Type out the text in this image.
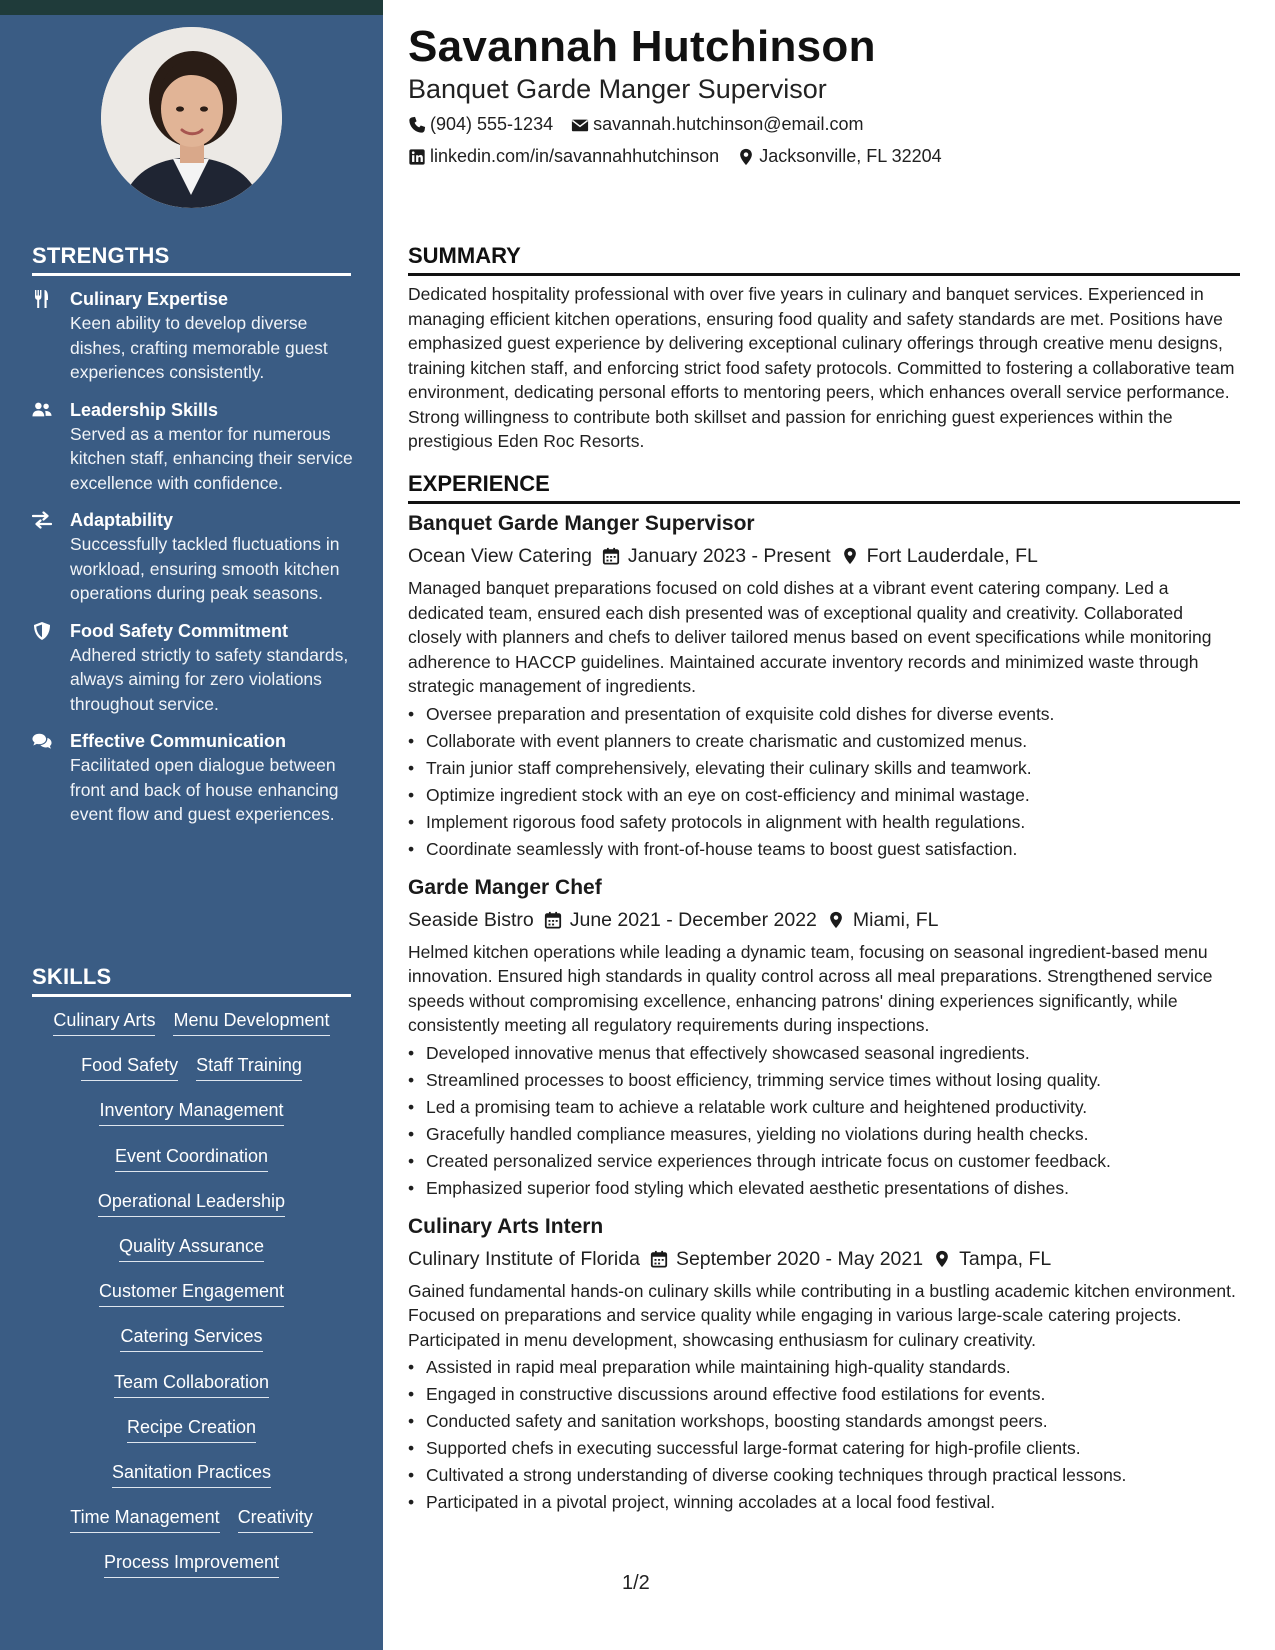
STRENGTHS
Culinary Expertise
Keen ability to develop diverse dishes, crafting memorable guest experiences consistently.
Leadership Skills
Served as a mentor for numerous kitchen staff, enhancing their service excellence with confidence.
Adaptability
Successfully tackled fluctuations in workload, ensuring smooth kitchen operations during peak seasons.
Food Safety Commitment
Adhered strictly to safety standards, always aiming for zero violations throughout service.
Effective Communication
Facilitated open dialogue between front and back of house enhancing event flow and guest experiences.
SKILLS
Culinary Arts Menu Development
Food Safety Staff Training
Inventory Management
Event Coordination
Operational Leadership
Quality Assurance
Customer Engagement
Catering Services
Team Collaboration
Recipe Creation
Sanitation Practices
Time Management Creativity
Process Improvement
Savannah Hutchinson
Banquet Garde Manger Supervisor
(904) 555-1234 savannah.hutchinson@email.com
linkedin.com/in/savannahhutchinson Jacksonville, FL 32204
SUMMARY

Dedicated hospitality professional with over five years in culinary and banquet services. Experienced in managing efficient kitchen operations, ensuring food quality and safety standards are met. Positions have emphasized guest experience by delivering exceptional culinary offerings through creative menu designs, training kitchen staff, and enforcing strict food safety protocols. Committed to fostering a collaborative team environment, dedicating personal efforts to mentoring peers, which enhances overall service performance. Strong willingness to contribute both skillset and passion for enriching guest experiences within the prestigious Eden Roc Resorts.

EXPERIENCE
Banquet Garde Manger Supervisor
Ocean View Catering January 2023 - Present Fort Lauderdale, FL

Managed banquet preparations focused on cold dishes at a vibrant event catering company. Led a dedicated team, ensured each dish presented was of exceptional quality and creativity. Collaborated closely with planners and chefs to deliver tailored menus based on event specifications while monitoring adherence to HACCP guidelines. Maintained accurate inventory records and minimized waste through strategic management of ingredients.

• Oversee preparation and presentation of exquisite cold dishes for diverse events.
• Collaborate with event planners to create charismatic and customized menus.
• Train junior staff comprehensively, elevating their culinary skills and teamwork.
• Optimize ingredient stock with an eye on cost-efficiency and minimal wastage.
• Implement rigorous food safety protocols in alignment with health regulations.
• Coordinate seamlessly with front-of-house teams to boost guest satisfaction.
Garde Manger Chef
Seaside Bistro June 2021 - December 2022 Miami, FL

Helmed kitchen operations while leading a dynamic team, focusing on seasonal ingredient-based menu innovation. Ensured high standards in quality control across all meal preparations. Strengthened service speeds without compromising excellence, enhancing patrons' dining experiences significantly, while consistently meeting all regulatory requirements during inspections.

• Developed innovative menus that effectively showcased seasonal ingredients.
• Streamlined processes to boost efficiency, trimming service times without losing quality.
• Led a promising team to achieve a relatable work culture and heightened productivity.
• Gracefully handled compliance measures, yielding no violations during health checks.
• Created personalized service experiences through intricate focus on customer feedback.
• Emphasized superior food styling which elevated aesthetic presentations of dishes.
Culinary Arts Intern
Culinary Institute of Florida September 2020 - May 2021 Tampa, FL

Gained fundamental hands-on culinary skills while contributing in a bustling academic kitchen environment. Focused on preparations and service quality while engaging in various large-scale catering projects. Participated in menu development, showcasing enthusiasm for culinary creativity.

• Assisted in rapid meal preparation while maintaining high-quality standards.
• Engaged in constructive discussions around effective food estilations for events.
• Conducted safety and sanitation workshops, boosting standards amongst peers.
• Supported chefs in executing successful large-format catering for high-profile clients.
• Cultivated a strong understanding of diverse cooking techniques through practical lessons.
• Participated in a pivotal project, winning accolades at a local food festival.
1/2
